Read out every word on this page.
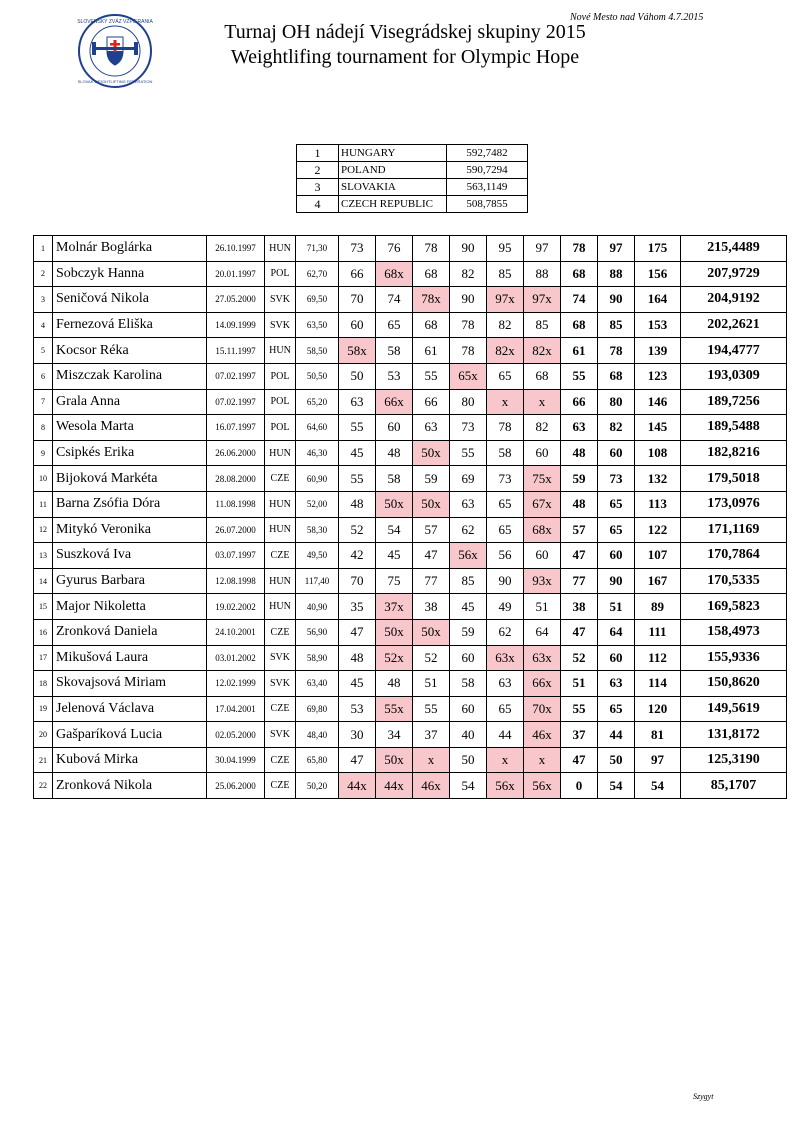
SLOVENSKÝ ZVÄZ VZPIERANIA
SLOVAK WEIGHTLIFTING FEDERATION
Turnaj OH nádejí Visegrádskej skupiny 2015
Weightlifing tournament for Olympic Hope
Nové Mesto nad Váhom 4.7.2015
1	HUNGARY	592,7482
2	POLAND	590,7294
3	SLOVAKIA	563,1149
4	CZECH REPUBLIC	508,7855
1	Molnár Boglárka	26.10.1997	HUN	71,30	73	76	78	90	95	97	78	97	175	215,4489
2	Sobczyk Hanna	20.01.1997	POL	62,70	66	68x	68	82	85	88	68	88	156	207,9729
3	Seničová Nikola	27.05.2000	SVK	69,50	70	74	78x	90	97x	97x	74	90	164	204,9192
4	Fernezová Eliška	14.09.1999	SVK	63,50	60	65	68	78	82	85	68	85	153	202,2621
5	Kocsor Réka	15.11.1997	HUN	58,50	58x	58	61	78	82x	82x	61	78	139	194,4777
6	Miszczak Karolina	07.02.1997	POL	50,50	50	53	55	65x	65	68	55	68	123	193,0309
7	Grala Anna	07.02.1997	POL	65,20	63	66x	66	80	x	x	66	80	146	189,7256
8	Wesola Marta	16.07.1997	POL	64,60	55	60	63	73	78	82	63	82	145	189,5488
9	Csipkés Erika	26.06.2000	HUN	46,30	45	48	50x	55	58	60	48	60	108	182,8216
10	Bijoková Markéta	28.08.2000	CZE	60,90	55	58	59	69	73	75x	59	73	132	179,5018
11	Barna Zsófia Dóra	11.08.1998	HUN	52,00	48	50x	50x	63	65	67x	48	65	113	173,0976
12	Mitykó Veronika	26.07.2000	HUN	58,30	52	54	57	62	65	68x	57	65	122	171,1169
13	Suszková Iva	03.07.1997	CZE	49,50	42	45	47	56x	56	60	47	60	107	170,7864
14	Gyurus Barbara	12.08.1998	HUN	117,40	70	75	77	85	90	93x	77	90	167	170,5335
15	Major Nikoletta	19.02.2002	HUN	40,90	35	37x	38	45	49	51	38	51	89	169,5823
16	Zronková Daniela	24.10.2001	CZE	56,90	47	50x	50x	59	62	64	47	64	111	158,4973
17	Mikušová Laura	03.01.2002	SVK	58,90	48	52x	52	60	63x	63x	52	60	112	155,9336
18	Skovajsová Miriam	12.02.1999	SVK	63,40	45	48	51	58	63	66x	51	63	114	150,8620
19	Jelenová Václava	17.04.2001	CZE	69,80	53	55x	55	60	65	70x	55	65	120	149,5619
20	Gašparíková Lucia	02.05.2000	SVK	48,40	30	34	37	40	44	46x	37	44	81	131,8172
21	Kubová Mirka	30.04.1999	CZE	65,80	47	50x	x	50	x	x	47	50	97	125,3190
22	Zronková Nikola	25.06.2000	CZE	50,20	44x	44x	46x	54	56x	56x	0	54	54	85,1707
Szygyt
